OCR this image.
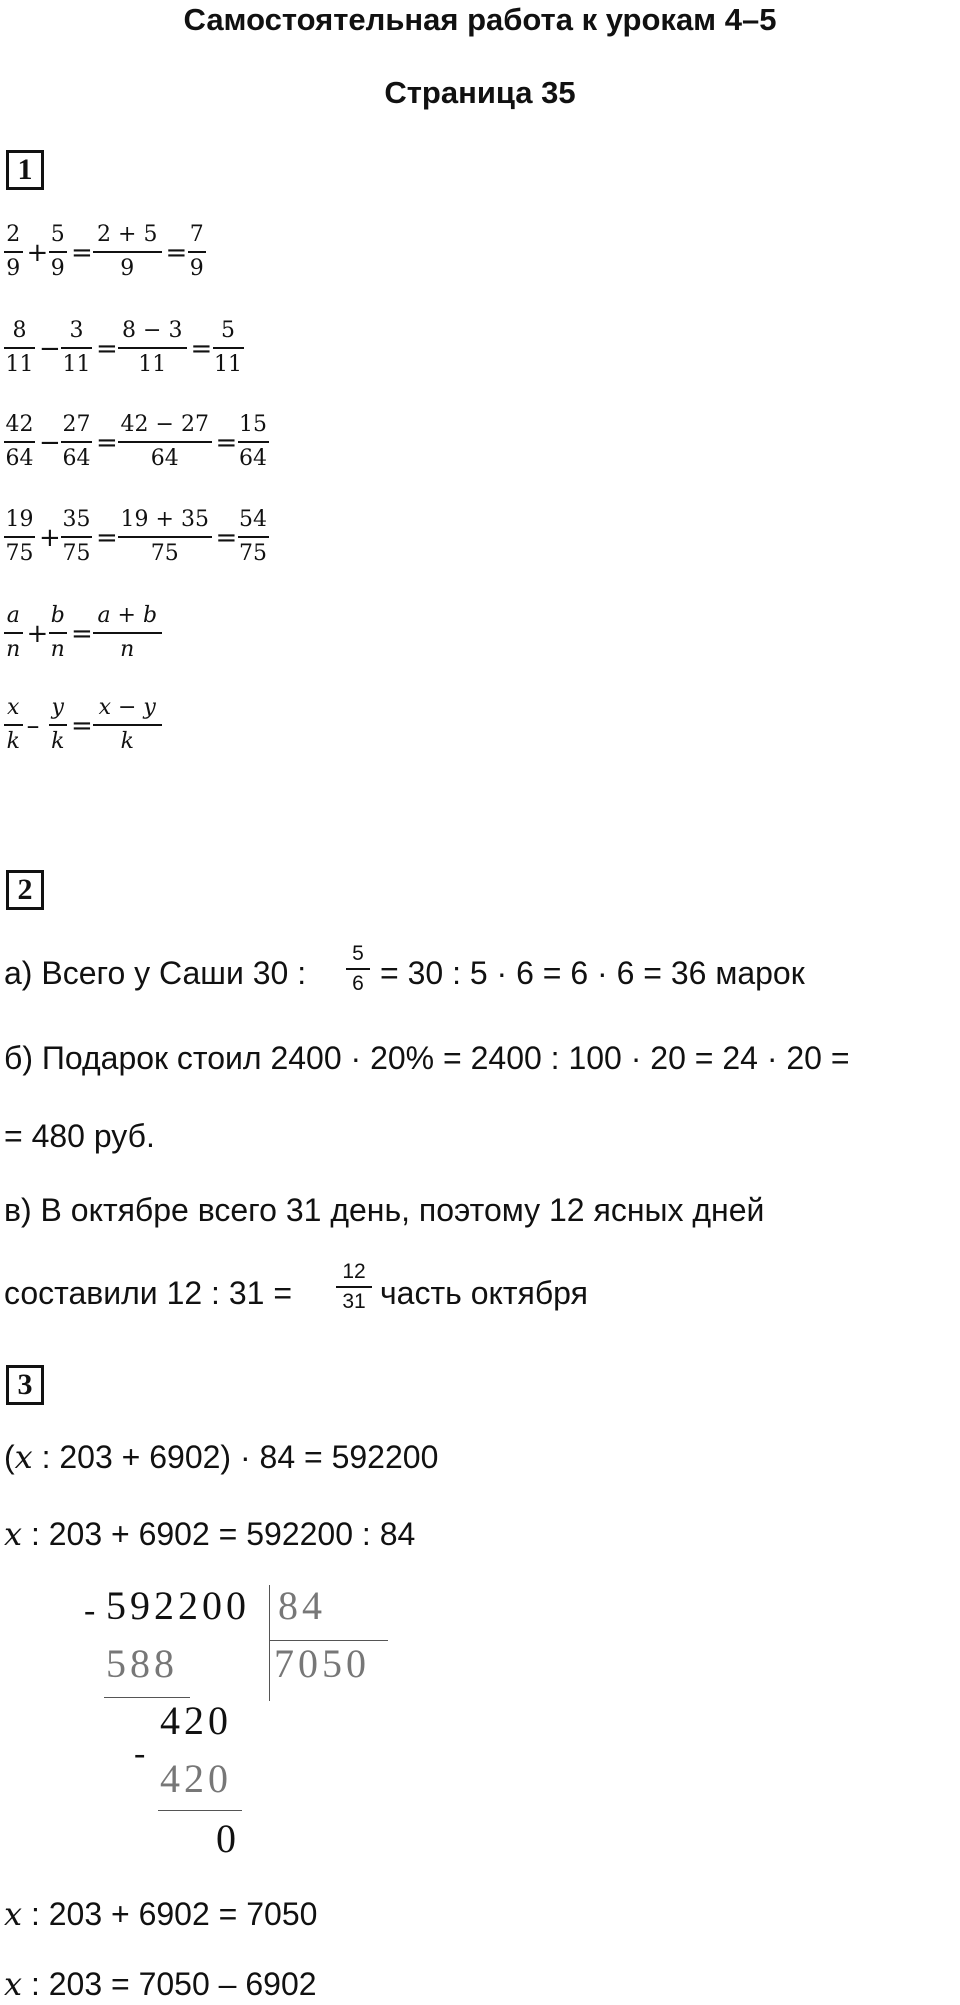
Самостоятельная работа к урокам 4–5
Страница 35
1
2
9
+
5
9
=
2 + 5
9
=
7
9
8
11
−
3
11
=
8 − 3
11
=
5
11
42
64
−
27
64
=
42 − 27
64
=
15
64
19
75
+
35
75
=
19 + 35
75
=
54
75
a
n
+
b
n
=
a + b
n
x
k
–
y
k
=
x − y
k
2
а) Всего у Саши 30 :
5
6 = 30 : 5 · 6 = 6 · 6 = 36 марок
б) Подарок стоил 2400 · 20% = 2400 : 100 · 20 = 24 · 20 =
= 480 руб.
в) В октябре всего 31 день, поэтому 12 ясных дней
составили 12 : 31 =
12
31 часть октября
3
(x : 203 + 6902) · 84 = 592200
x : 203 + 6902 = 592200 : 84
- 592200 84
7050
588
420
-
420
0
x : 203 + 6902 = 7050
x : 203 = 7050 – 6902
